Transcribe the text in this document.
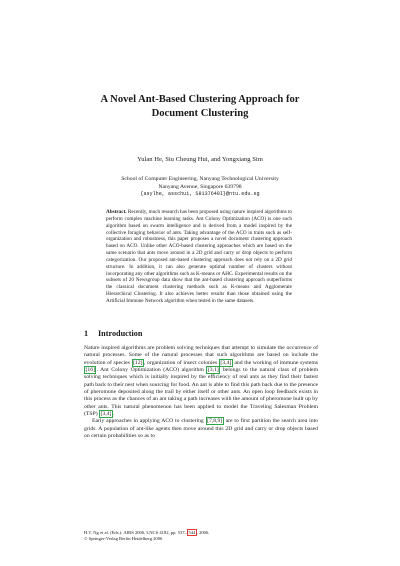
A Novel Ant-Based Clustering Approach for
Document Clustering
Yulan He, Siu Cheung Hui, and Yongxiang Sim
School of Computer Engineering, Nanyang Technological University
Nanyang Avenue, Singapore 639798
{asylhe, asschui, S8137640I}@ntu.edu.sg
Abstract. Recently, much research has been proposed using nature inspired algorithms to perform complex machine learning tasks. Ant Colony Optimization (ACO) is one such algorithm based on swarm intelligence and is derived from a model inspired by the collective foraging behavior of ants. Taking advantage of the ACO in traits such as self-organization and robustness, this paper proposes a novel document clustering approach based on ACO. Unlike other ACO-based clustering approaches which are based on the same scenario that ants move around in a 2D grid and carry or drop objects to perform categorization. Our proposed ant-based clustering approach does not rely on a 2D grid structure. In addition, it can also generate optimal number of clusters without incorporating any other algorithms such as K-means or AHC. Experimental results on the subsets of 20 Newsgroup data show that the ant-based clustering approach outperforms the classical document clustering methods such as K-means and Agglomerate Hierarchical Clustering. It also achieves better results than those obtained using the Artificial Immune Network algorithm when tested in the same datasets.
1 Introduction

Nature inspired algorithms are problem solving techniques that attempt to simulate the occurrence of natural processes. Some of the natural processes that such algorithms are based on include the evolution of species [12] , organization of insect colonies [3,4] and the working of immune systems [16] . Ant Colony Optimization (ACO) algorithm [3,1] belongs to the natural class of problem solving techniques which is initially inspired by the efficiency of real ants as they find their fastest path back to their nest when sourcing for food. An ant is able to find this path back due to the presence of pheromone deposited along the trail by either itself or other ants. An open loop feedback exists in this process as the chances of an ant taking a path increases with the amount of pheromone built up by other ants. This natural phenomenon has been applied to model the Traveling Salesman Problem (TSP) [3,4] .

Early approaches in applying ACO to clustering [7,8,9] are to first partition the search area into grids. A population of ant-like agents then move around this 2D grid and carry or drop objects based on certain probabilities so as to

H.T. Ng et al. (Eds.): AIRS 2006, LNCS 4182, pp. 537– 544 , 2006.
© Springer-Verlag Berlin Heidelberg 2006
